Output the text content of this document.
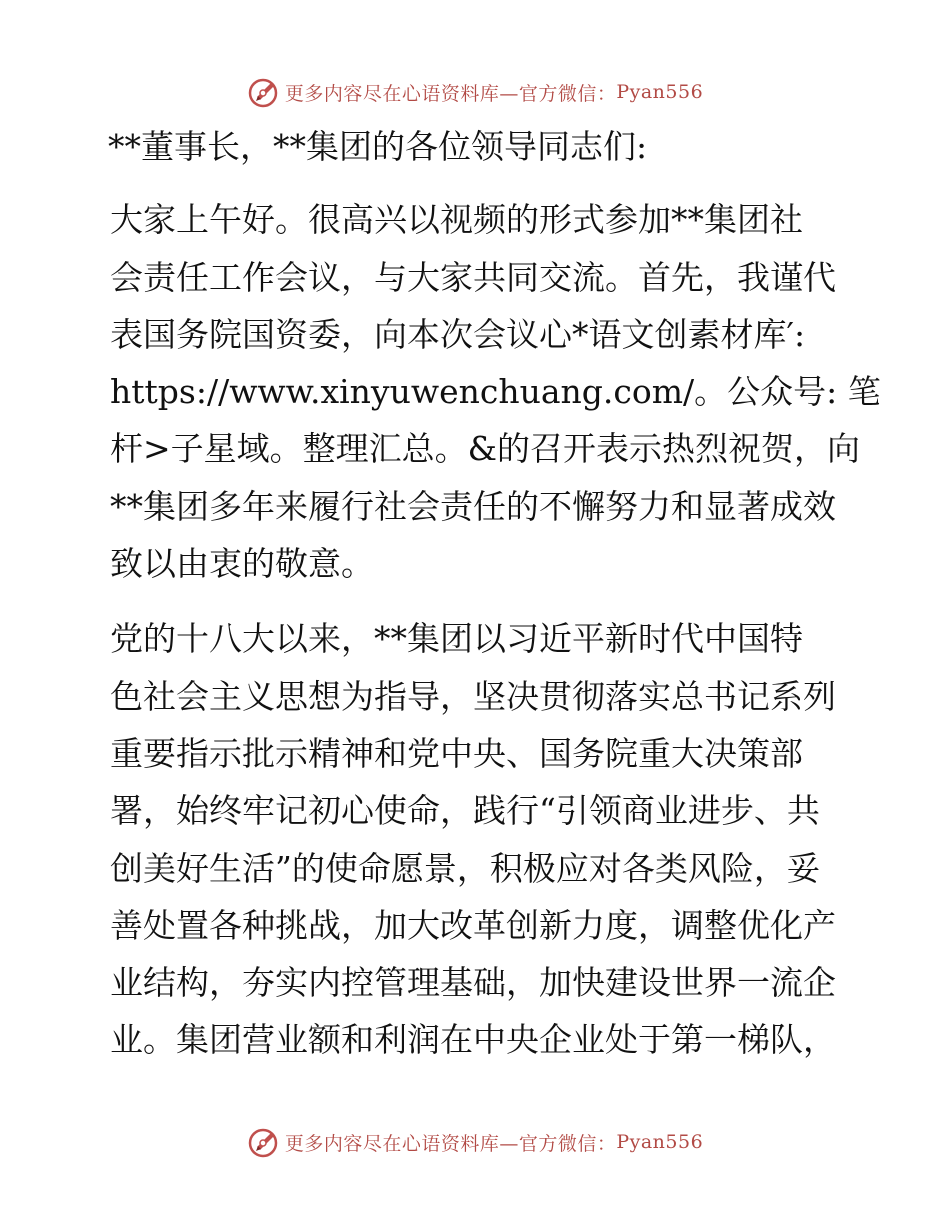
更多内容尽在心语资料库—官方微信： Pyan556

**董事长，**集团的各位领导同志们:

大家上午好。很高兴以视频的形式参加**集团社
会责任工作会议，与大家共同交流。首先，我谨代
表国务院国资委，向本次会议心*语文创素材库′:
https://www.xinyuwenchuang.com/。公众号: 笔
杆>子星域。整理汇总。&的召开表示热烈祝贺，向
**集团多年来履行社会责任的不懈努力和显著成效
致以由衷的敬意。

党的十八大以来，**集团以习近平新时代中国特
色社会主义思想为指导，坚决贯彻落实总书记系列
重要指示批示精神和党中央、国务院重大决策部
署，始终牢记初心使命，践行“引领商业进步、共
创美好生活”的使命愿景，积极应对各类风险，妥
善处置各种挑战，加大改革创新力度，调整优化产
业结构，夯实内控管理基础，加快建设世界一流企
业。集团营业额和利润在中央企业处于第一梯队，

更多内容尽在心语资料库—官方微信： Pyan556
